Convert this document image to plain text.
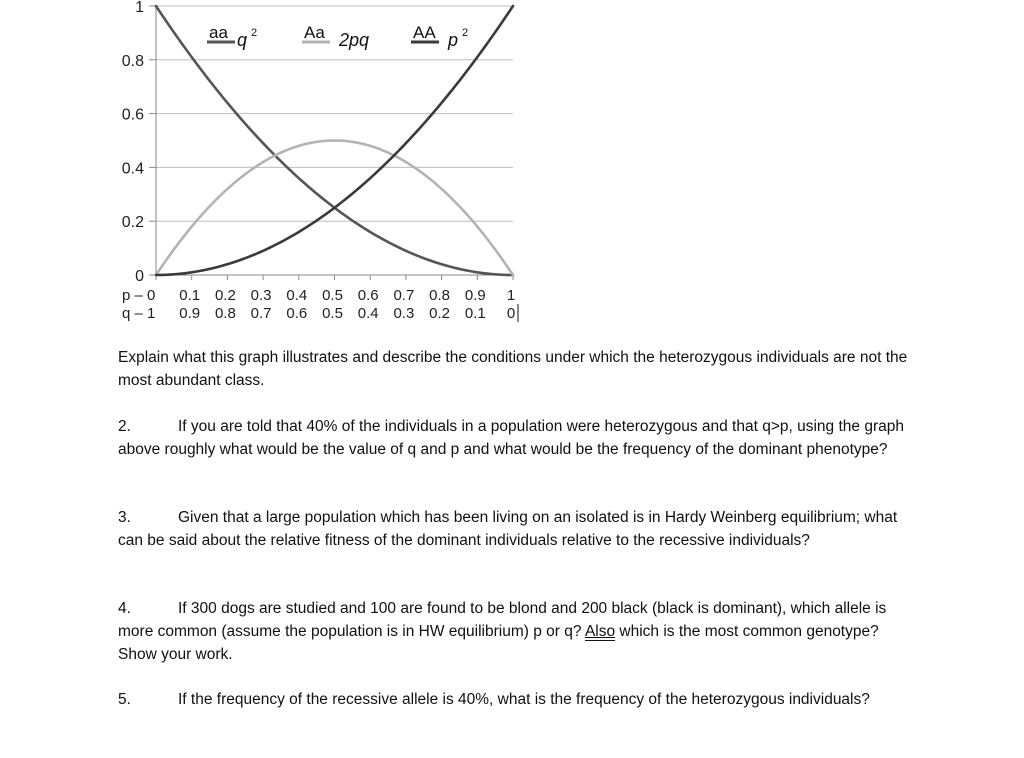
aa q 2	Aa 2pq	AA p 2
1
0.8
0.6
0.4
0.2
0
p – 0
q – 1
0.1 0.2 0.3 0.4 0.5 0.6 0.7 0.8 0.9 1
0.9 0.8 0.7 0.6 0.5 0.4 0.3 0.2 0.1 0

Explain what this graph illustrates and describe the conditions under which the heterozygous individuals are not the most abundant class.

2.	If you are told that 40% of the individuals in a population were heterozygous and that q>p, using the graph above roughly what would be the value of q and p and what would be the frequency of the dominant phenotype?

3.	Given that a large population which has been living on an isolated is in Hardy Weinberg equilibrium; what can be said about the relative fitness of the dominant individuals relative to the recessive individuals?

4.	If 300 dogs are studied and 100 are found to be blond and 200 black (black is dominant), which allele is more common (assume the population is in HW equilibrium) p or q? Also which is the most common genotype? Show your work.

5.	If the frequency of the recessive allele is 40%, what is the frequency of the heterozygous individuals?
